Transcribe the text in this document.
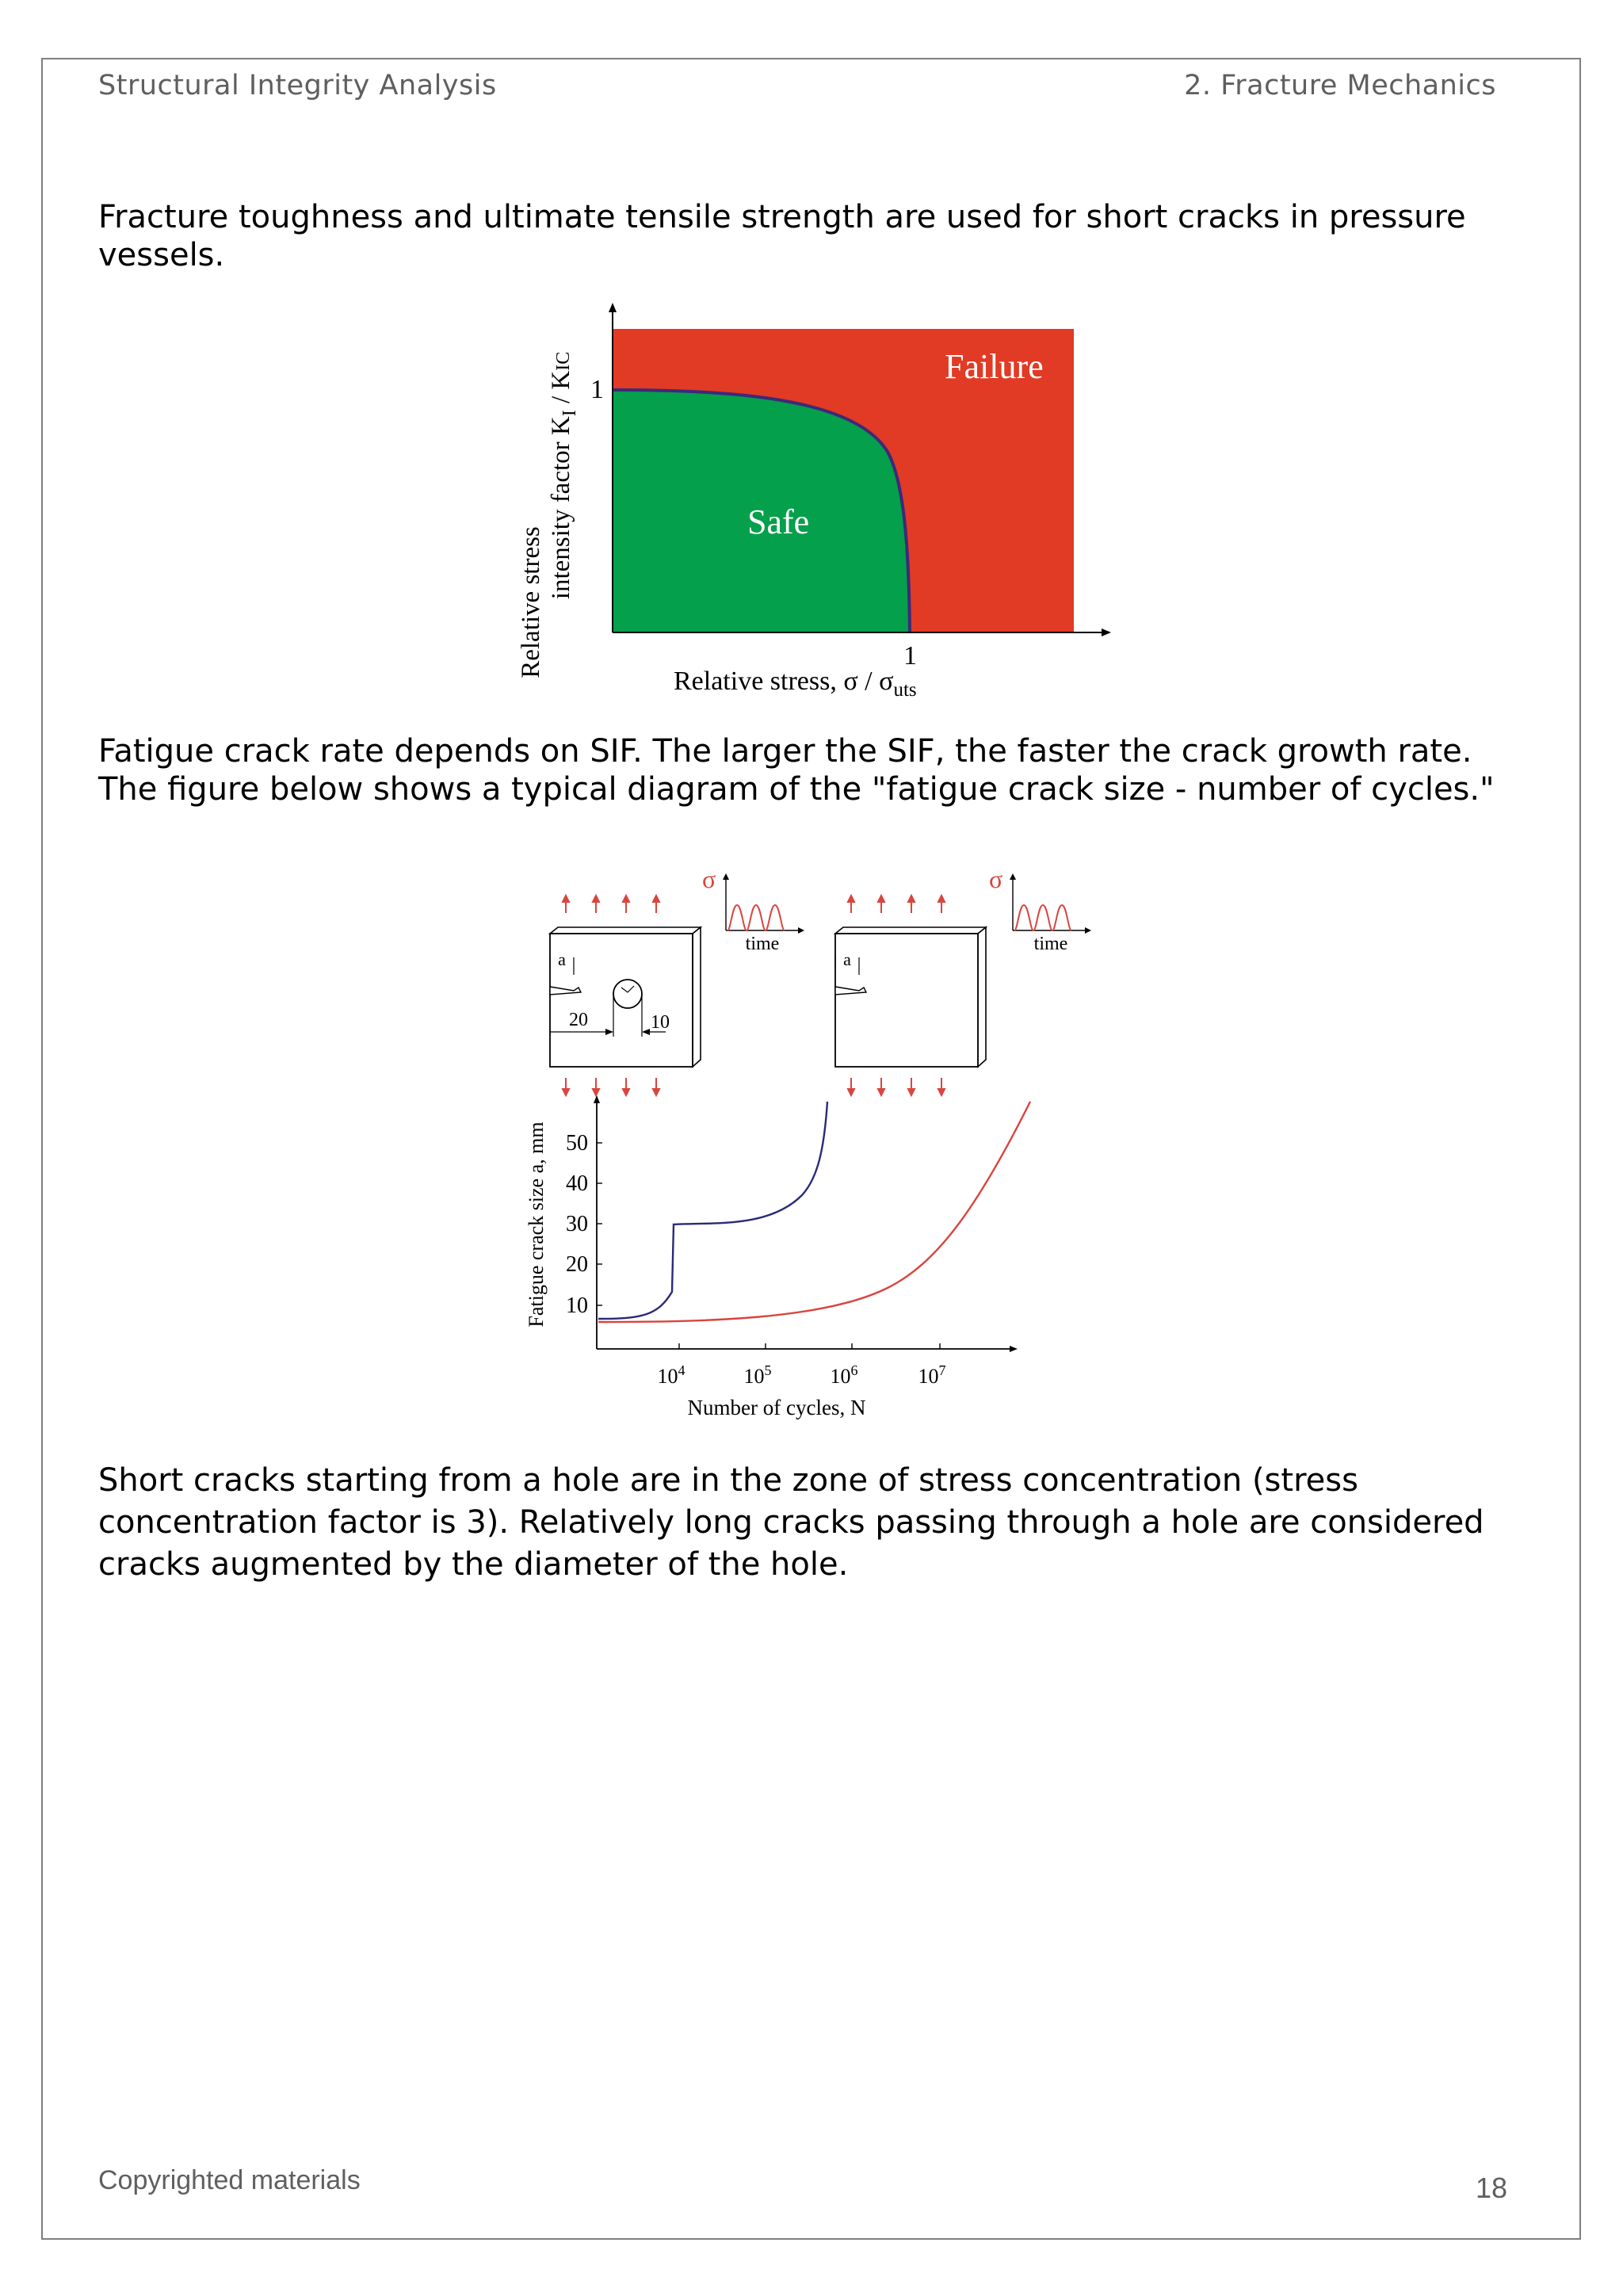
Structural Integrity Analysis	2. Fracture Mechanics
Fracture toughness and ultimate tensile strength are used for short cracks in pressure vessels.
Failure
Safe
1
1
Relative stress, σ / $\sigma_{uts}$
Relative stress
intensity factor $K_I$ / KIC
Fatigue crack rate depends on SIF. The larger the SIF, the faster the crack growth rate. The figure below shows a typical diagram of the "fatigue crack size - number of cycles."
a
20	10
a
σ
time
σ
time
10
20
30
40
50
$10^4$	$10^5$	$10^6$	$10^7$
Number of cycles, N
Fatigue crack size a, mm
Short cracks starting from a hole are in the zone of stress concentration (stress concentration factor is 3). Relatively long cracks passing through a hole are considered cracks augmented by the diameter of the hole.
Copyrighted materials	18
